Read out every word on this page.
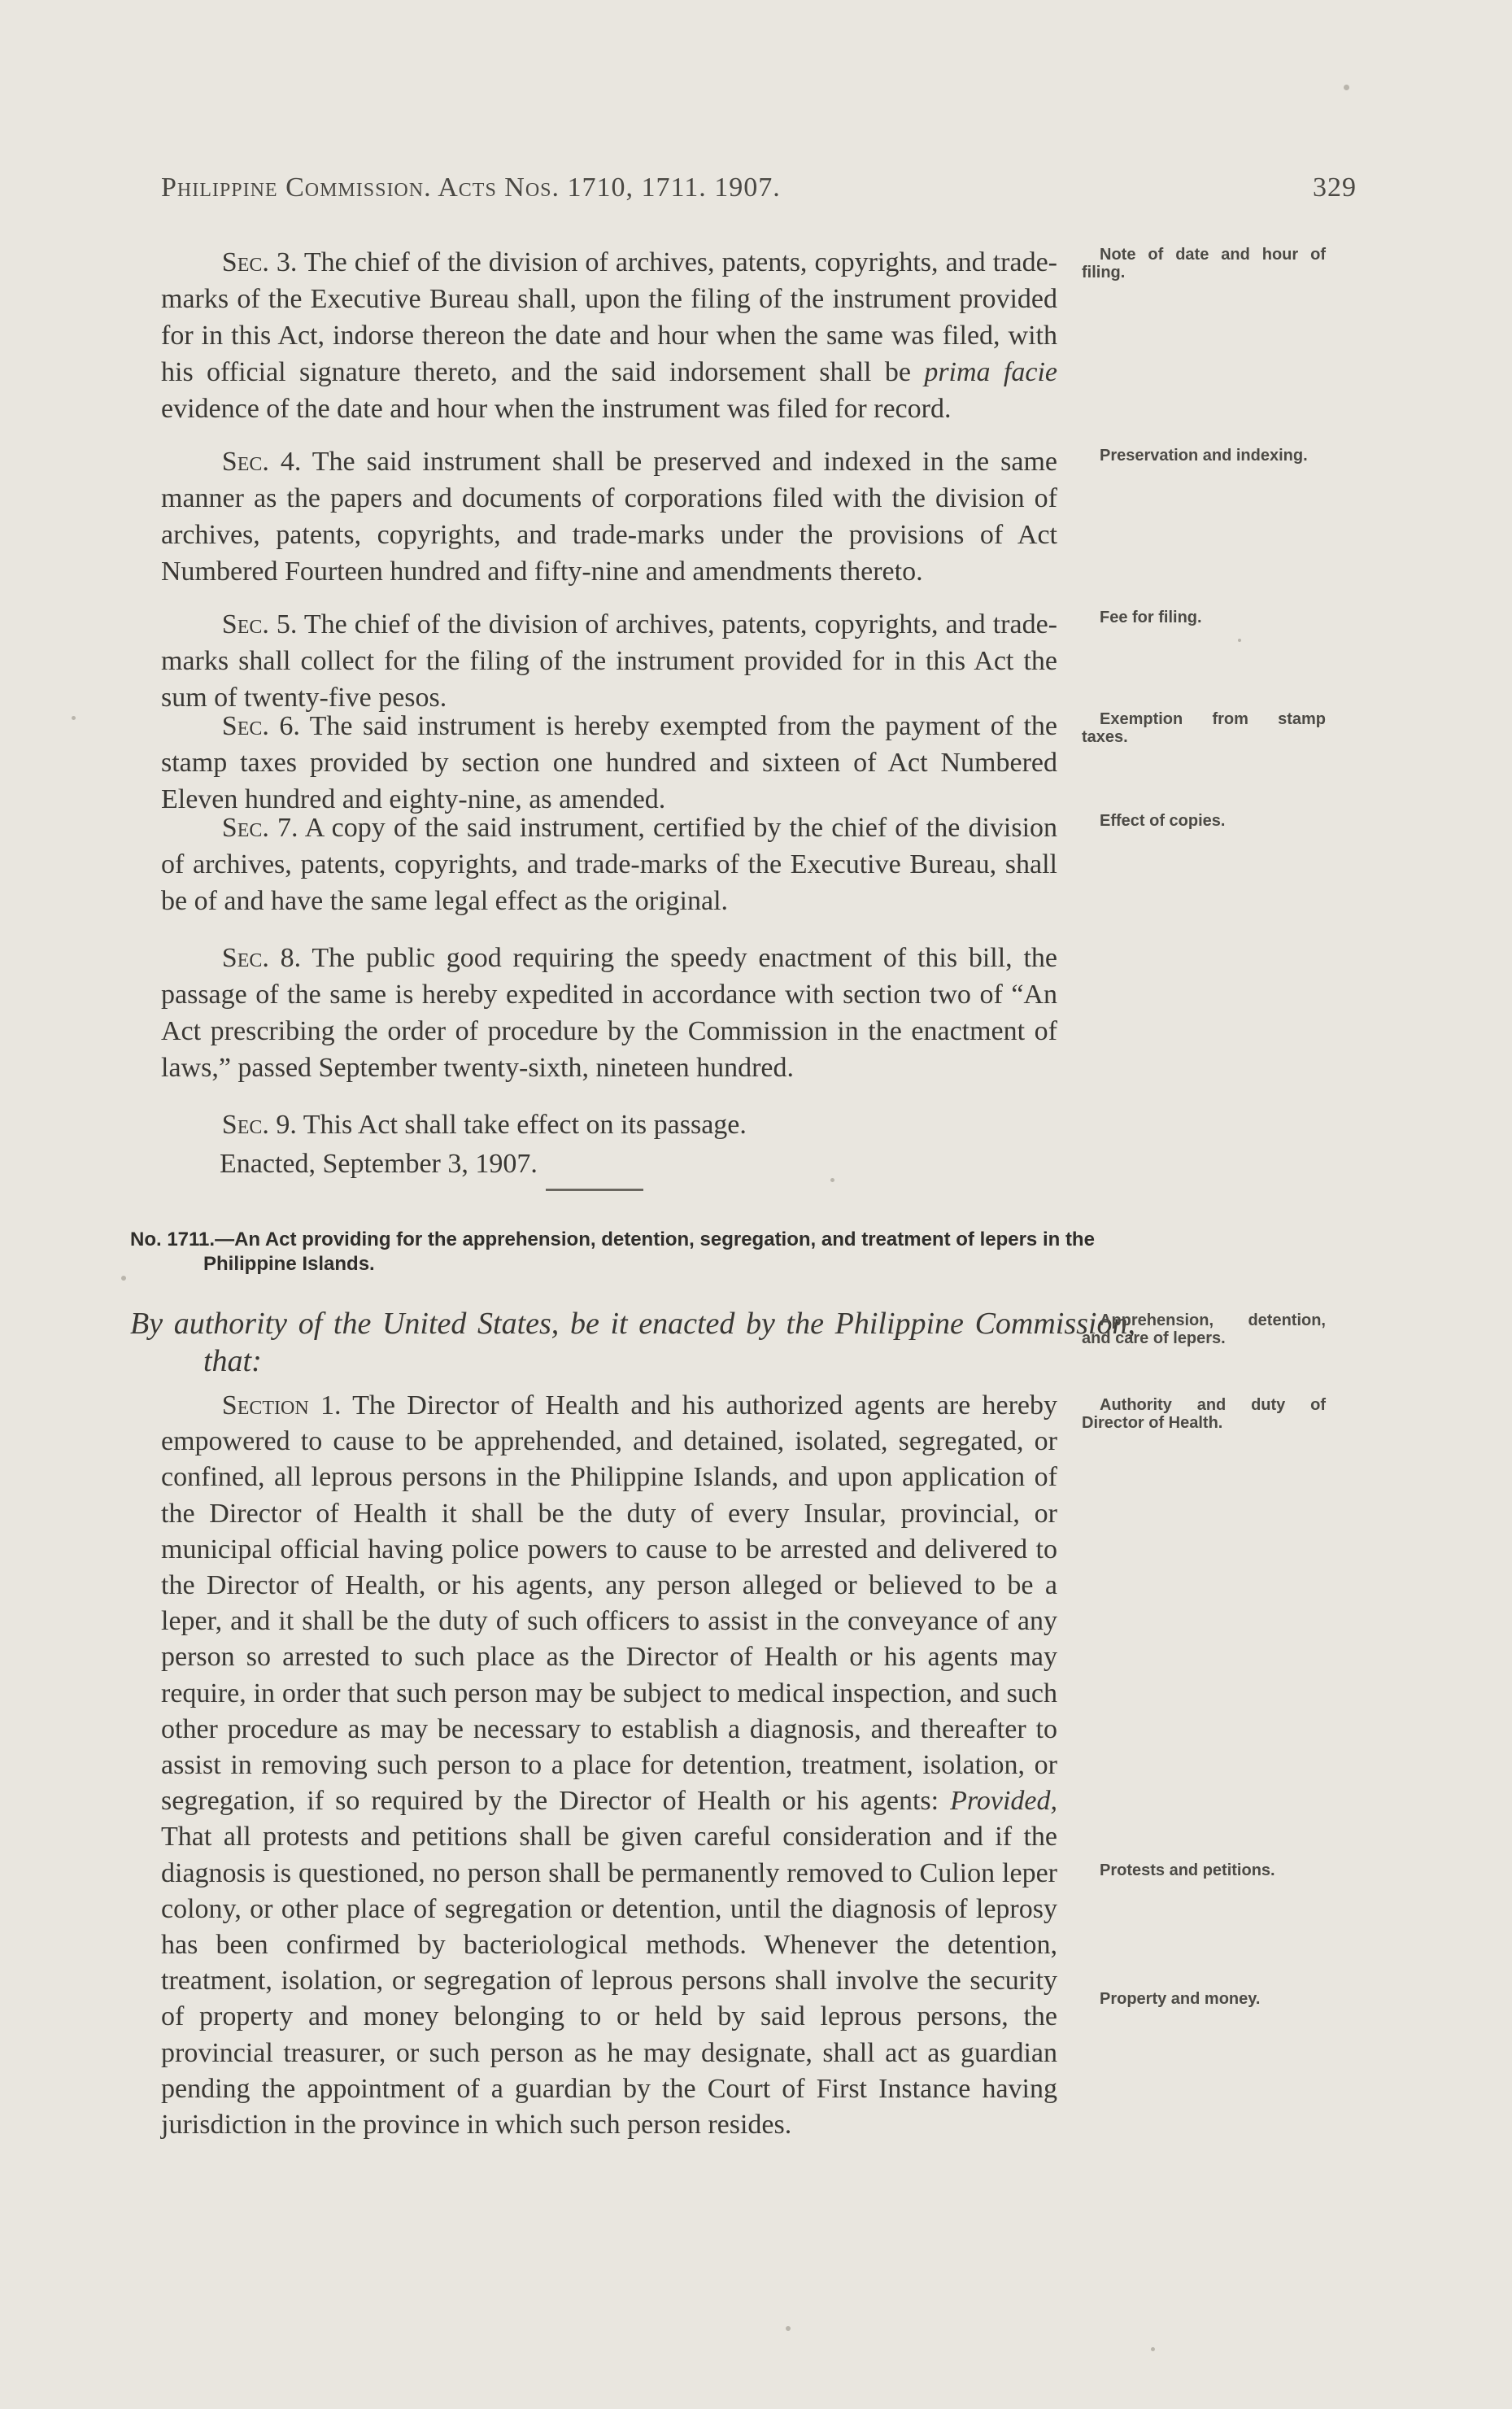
Philippine Commission. Acts Nos. 1710, 1711. 1907.	329

Sec. 3. The chief of the division of archives, patents, copyrights, and trade-marks of the Executive Bureau shall, upon the filing of the instrument provided for in this Act, indorse thereon the date and hour when the same was filed, with his official signature thereto, and the said indorsement shall be prima facie evidence of the date and hour when the instrument was filed for record.

Sec. 4. The said instrument shall be preserved and indexed in the same manner as the papers and documents of corporations filed with the division of archives, patents, copyrights, and trade-marks under the provisions of Act Numbered Fourteen hundred and fifty-nine and amendments thereto.

Sec. 5. The chief of the division of archives, patents, copyrights, and trade-marks shall collect for the filing of the instrument provided for in this Act the sum of twenty-five pesos.

Sec. 6. The said instrument is hereby exempted from the payment of the stamp taxes provided by section one hundred and sixteen of Act Numbered Eleven hundred and eighty-nine, as amended.

Sec. 7. A copy of the said instrument, certified by the chief of the division of archives, patents, copyrights, and trade-marks of the Executive Bureau, shall be of and have the same legal effect as the original.

Sec. 8. The public good requiring the speedy enactment of this bill, the passage of the same is hereby expedited in accordance with section two of “An Act prescribing the order of procedure by the Commission in the enactment of laws,” passed September twenty-sixth, nineteen hundred.

Sec. 9. This Act shall take effect on its passage.

Enacted, September 3, 1907.
No. 1711.—An Act providing for the apprehension, detention, segregation, and treatment of lepers in the Philippine Islands.
By authority of the United States, be it enacted by the Philippine Commission, that:

Section 1. The Director of Health and his authorized agents are hereby empowered to cause to be apprehended, and detained, isolated, segregated, or confined, all leprous persons in the Philippine Islands, and upon application of the Director of Health it shall be the duty of every Insular, provincial, or municipal official having police powers to cause to be arrested and delivered to the Director of Health, or his agents, any person alleged or believed to be a leper, and it shall be the duty of such officers to assist in the conveyance of any person so arrested to such place as the Director of Health or his agents may require, in order that such person may be subject to medical inspection, and such other procedure as may be necessary to establish a diagnosis, and thereafter to assist in removing such person to a place for detention, treatment, isolation, or segregation, if so required by the Director of Health or his agents: Provided, That all protests and petitions shall be given careful consideration and if the diagnosis is questioned, no person shall be permanently removed to Culion leper colony, or other place of segregation or detention, until the diagnosis of leprosy has been confirmed by bacteriological methods. Whenever the detention, treatment, isolation, or segregation of leprous persons shall involve the security of property and money belonging to or held by said leprous persons, the provincial treasurer, or such person as he may designate, shall act as guardian pending the appointment of a guardian by the Court of First Instance having jurisdiction in the province in which such person resides.

Note of date and hour of filing.
Preservation and indexing.
Fee for filing.
Exemption from stamp taxes.
Effect of copies.
Apprehension, detention, and care of lepers.
Authority and duty of Director of Health.
Protests and petitions.
Property and money.
